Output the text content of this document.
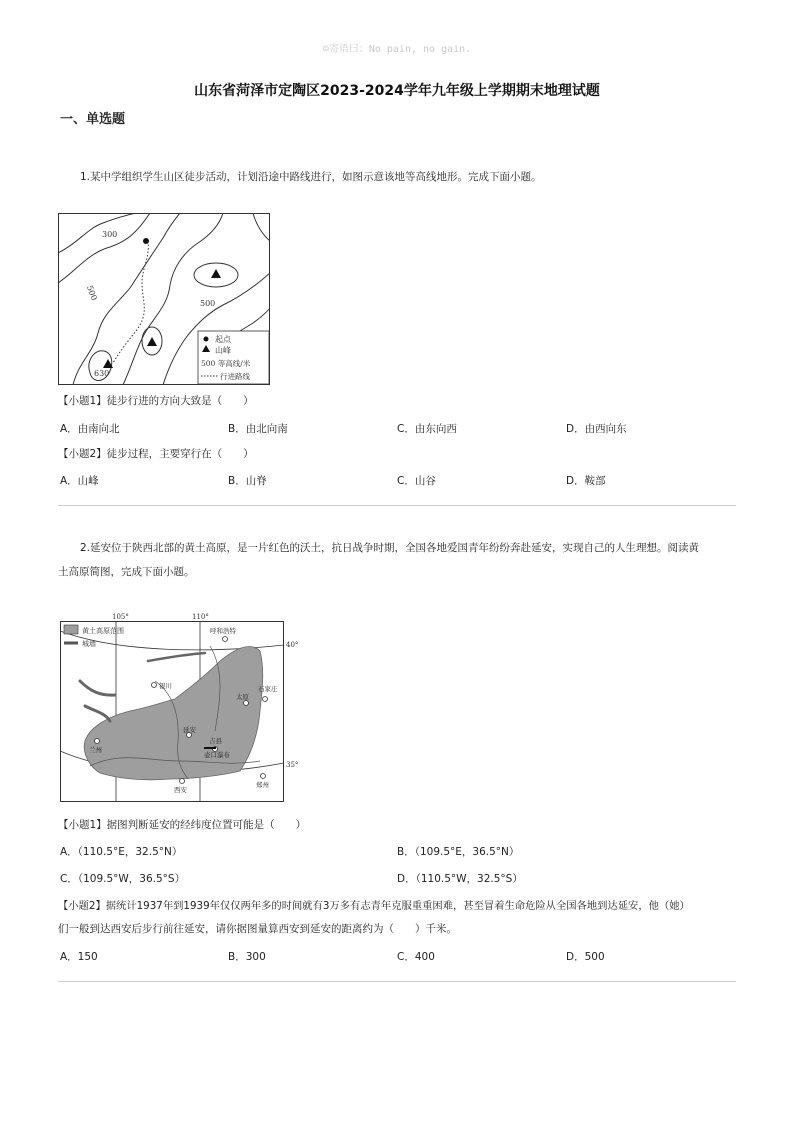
☺寄语曰：No pain, no gain.
山东省菏泽市定陶区2023-2024学年九年级上学期期末地理试题
一、单选题
1.某中学组织学生山区徒步活动，计划沿途中路线进行，如图示意该地等高线地形。完成下面小题。
300
500
500
630
起点
山峰
500 等高线/米
行进路线
【小题1】徒步行进的方向大致是（　　）
A．由南向北	B．由北向南	C．由东向西	D．由西向东
【小题2】徒步过程，主要穿行在（　　）
A．山峰	B．山脊	C．山谷	D．鞍部
2.延安位于陕西北部的黄土高原，是一片红色的沃土，抗日战争时期，全国各地爱国青年纷纷奔赴延安，实现自己的人生理想。阅读黄
土高原简图，完成下面小题。
105°	110°
40°
35°
黄土高原范围
城墙
呼和浩特
银川
太原
石家庄
延安
吉县
壶口瀑布
兰州
西安
郑州
【小题1】据图判断延安的经纬度位置可能是（　　）
A．（110.5°E，32.5°N）	B．（109.5°E，36.5°N）
C．（109.5°W，36.5°S）	D．（110.5°W，32.5°S）
【小题2】据统计1937年到1939年仅仅两年多的时间就有3万多有志青年克服重重困难，甚至冒着生命危险从全国各地到达延安，他（她）
们一般到达西安后步行前往延安，请你据图量算西安到延安的距离约为（　　）千米。
A．150	B．300	C．400	D．500
